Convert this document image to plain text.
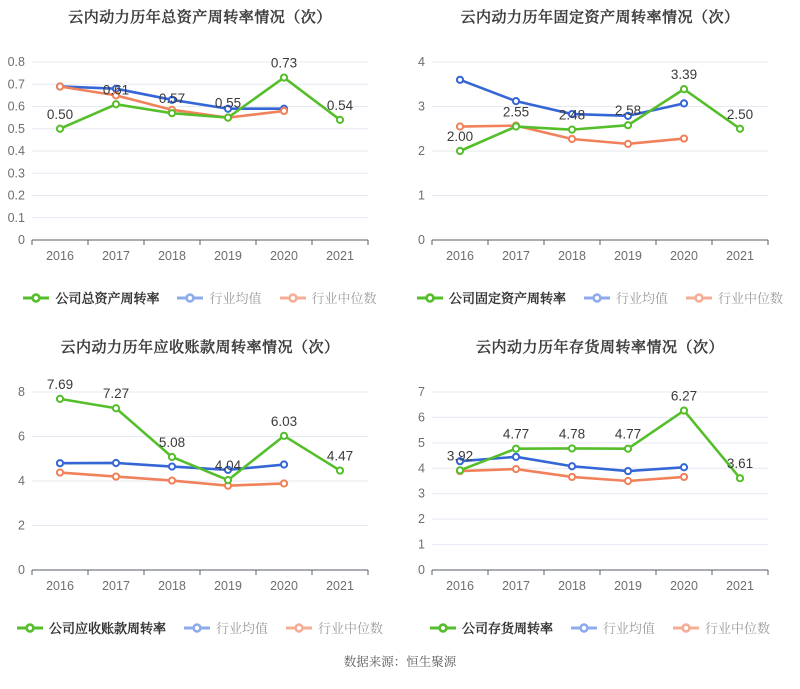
云内动力历年总资产周转率情况（次）
0
0.1
0.2
0.3
0.4
0.5
0.6
0.7
0.8
2016 2017 2018 2019 2020 2021
0.50
0.61
0.57 0.55
0.73
0.54
公司总资产周转率	行业均值	行业中位数
云内动力历年固定资产周转率情况（次）
0
1
2
3
4
2016 2017 2018 2019 2020 2021
2.00
2.55 2.48 2.58
3.39
2.50
公司固定资产周转率	行业均值	行业中位数
云内动力历年应收账款周转率情况（次）
0
2
4
6
8
2016 2017 2018 2019 2020 2021
7.69
7.27
5.08
4.04
6.03
4.47
公司应收账款周转率	行业均值	行业中位数
云内动力历年存货周转率情况（次）
0
1
2
3
4
5
6
7
2016 2017 2018 2019 2020 2021
3.92
4.77 4.78 4.77
6.27
3.61
公司存货周转率	行业均值	行业中位数
数据来源：恒生聚源
